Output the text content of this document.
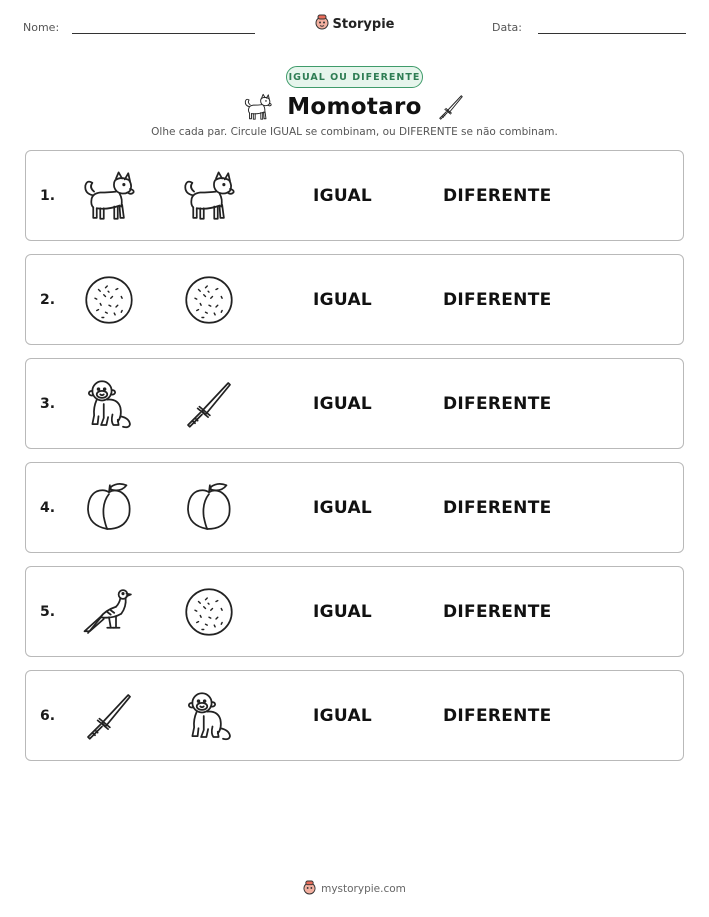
Nome:	Storypie	Data:
IGUAL OU DIFERENTE
Momotaro
Olhe cada par. Circule IGUAL se combinam, ou DIFERENTE se não combinam.
1.	IGUAL	DIFERENTE
2.	IGUAL	DIFERENTE
3.	IGUAL	DIFERENTE
4.	IGUAL	DIFERENTE
5.	IGUAL	DIFERENTE
6.	IGUAL	DIFERENTE
mystorypie.com
